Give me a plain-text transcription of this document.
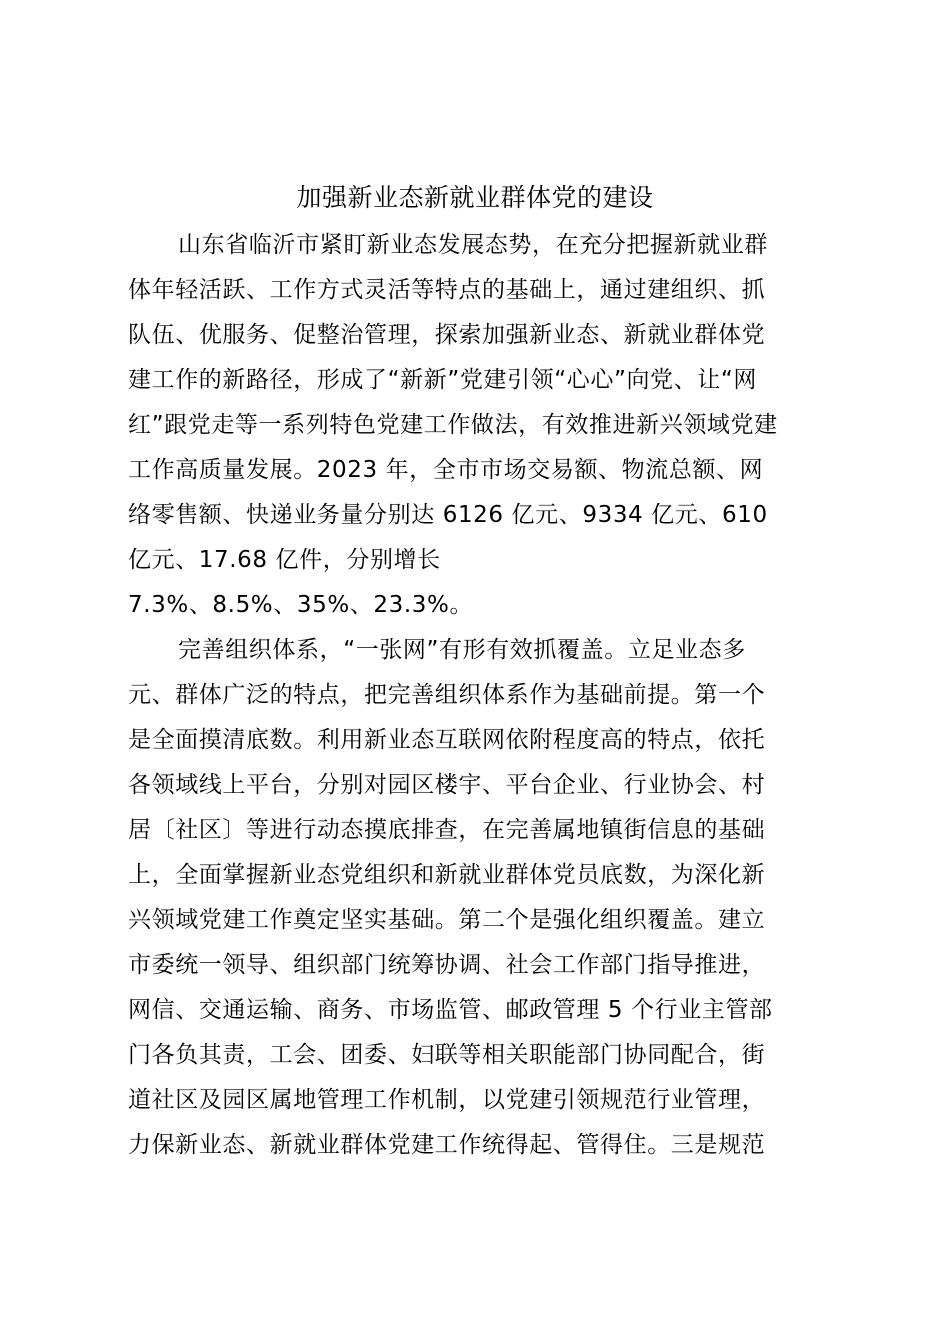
加强新业态新就业群体党的建设

山东省临沂市紧盯新业态发展态势，在充分把握新就业群

体年轻活跃、工作方式灵活等特点的基础上，通过建组织、抓

队伍、优服务、促整治管理，探索加强新业态、新就业群体党

建工作的新路径，形成了“新新”党建引领“心心”向党、让“网

红”跟党走等一系列特色党建工作做法，有效推进新兴领域党建

工作高质量发展。2023 年，全市市场交易额、物流总额、网

络零售额、快递业务量分别达 6126 亿元、9334 亿元、610

亿元、17.68 亿件，分别增长

7.3%、8.5%、35%、23.3%。

完善组织体系，“一张网”有形有效抓覆盖。立足业态多

元、群体广泛的特点，把完善组织体系作为基础前提。第一个

是全面摸清底数。利用新业态互联网依附程度高的特点，依托

各领域线上平台，分别对园区楼宇、平台企业、行业协会、村

居〔社区〕等进行动态摸底排查，在完善属地镇街信息的基础

上，全面掌握新业态党组织和新就业群体党员底数，为深化新

兴领域党建工作奠定坚实基础。第二个是强化组织覆盖。建立

市委统一领导、组织部门统筹协调、社会工作部门指导推进，

网信、交通运输、商务、市场监管、邮政管理 5 个行业主管部

门各负其责，工会、团委、妇联等相关职能部门协同配合，街

道社区及园区属地管理工作机制，以党建引领规范行业管理，

力保新业态、新就业群体党建工作统得起、管得住。三是规范
